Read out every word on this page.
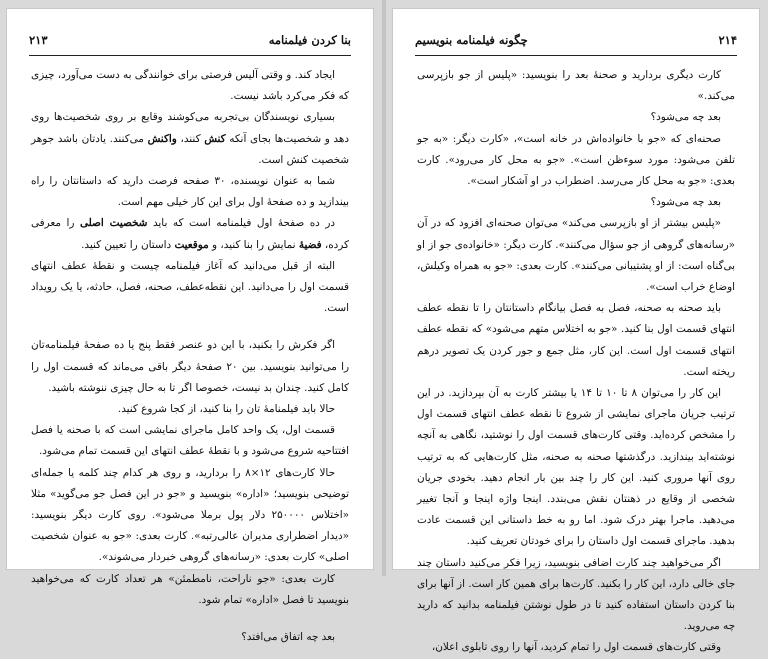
۲۱۳	بنا کردن فیلمنامه

ایجاد کند. و وقتی آلیس فرصتی برای خوانندگی به دست می‌آورد، چیزی که فکر می‌کرد باشد نیست.

بسیاری نویسندگان بی‌تجربه می‌کوشند وقایع بر روی شخصیت‌ها روی دهد و شخصیت‌ها بجای آنکه کنش کنند، واکنش می‌کنند. یادتان باشد جوهر شخصیت کنش است.

شما به عنوان نویسنده، ۳۰ صفحه فرصت دارید که داستانتان را راه بیندازید و ده صفحهٔ اول برای این کار خیلی مهم است.

در ده صفحهٔ اول فیلمنامه است که باید شخصیت اصلی را معرفی کرده، فضیهٔ نمایش را بنا کنید، و موقعیت داستان را تعیین کنید.

البته از قبل می‌دانید که آغاز فیلمنامه چیست و نقطهٔ عطف انتهای قسمت اول را می‌دانید. این نقطه‌عطف، صحنه، فصل، حادثه، یا یک رویداد است.

اگر فکرش را بکنید، با این دو عنصر فقط پنج یا ده صفحهٔ فیلمنامه‌تان را می‌توانید بنویسید. بین ۲۰ صفحهٔ دیگر باقی می‌ماند که قسمت اول را کامل کنید. چندان بد نیست، خصوصا اگر تا به حال چیزی ننوشته باشید.

حالا باید فیلمنامهٔ تان را بنا کنید، از کجا شروع کنید.

قسمت اول، یک واحد کامل ماجرای نمایشی است که با صحنه یا فصل افتتاحیه شروع می‌شود و با نقطهٔ عطف انتهای این قسمت تمام می‌شود.

حالا کارت‌های ۱۲×۸ را بردارید، و روی هر کدام چند کلمه یا جمله‌ای توضیحی بنویسید؛ «اداره» بنویسید و «جو در این فصل جو می‌گوید» مثلا «اختلاس ۲۵۰۰۰۰ دلار پول برملا می‌شود». روی کارت دیگر بنویسید: «دیدار اضطراری مدیران عالی‌رتبه». کارت بعدی: «جو به عنوان شخصیت اصلی» کارت بعدی: «رسانه‌های گروهی خبردار می‌شوند».

کارت بعدی: «جو ناراحت، نامطمئن» هر تعداد کارت که می‌خواهید بنویسید تا فصل «اداره» تمام شود.

بعد چه اتفاق می‌افتد؟

چگونه فیلمنامه بنویسیم	۲۱۴

کارت دیگری بردارید و صحنهٔ بعد را بنویسید: «پلیس از جو بازپرسی می‌کند.»

بعد چه می‌شود؟

صحنه‌ای که «جو با خانواده‌اش در خانه است»، «کارت دیگر: «به جو تلفن می‌شود: مورد سوءظن است». «جو به محل کار می‌رود». کارت بعدی: «جو به محل کار می‌رسد. اضطراب در او آشکار است».

بعد چه می‌شود؟

«پلیس بیشتر از او بازپرسی می‌کند» می‌توان صحنه‌ای افزود که در آن «رسانه‌های گروهی از جو سؤال می‌کنند». کارت دیگر: «خانواده‌ی جو از او بی‌گناه است: از او پشتیبانی می‌کنند». کارت بعدی: «جو به همراه وکیلش، اوضاع خراب است».

باید صحنه به صحنه، فصل به فصل بیانگام داستانتان را تا نقطه عطف انتهای قسمت اول بنا کنید. «جو به اختلاس متهم می‌شود» که نقطه عطف انتهای قسمت اول است. این کار، مثل جمع و جور کردن یک تصویر درهم ریخته است.

این کار را می‌توان ۸ تا ۱۰ تا ۱۴ یا بیشتر کارت به آن بپردازید. در این ترتیب جریان ماجرای نمایشی از شروع تا نقطه عطف انتهای قسمت اول را مشخص کرده‌اید. وقتی کارت‌های قسمت اول را نوشتید، نگاهی به آنچه نوشته‌اید بیندازید. درگذشتها صحنه به صحنه، مثل کارت‌هایی که به ترتیب روی آنها مروری کنید. این کار را چند بین بار انجام دهید. بخودی جریان شخصی از وقایع در ذهنتان نقش می‌بندد. اینجا واژه اینجا و آنجا تغییر می‌دهید. ماجرا بهتر درک شود. اما رو به خط داستانی این قسمت عادت بدهید. ماجرای قسمت اول داستان را برای خودتان تعریف کنید.

اگر می‌خواهید چند کارت اضافی بنویسید، زیرا فکر می‌کنید داستان چند جای خالی دارد، این کار را بکنید. کارت‌ها برای همین کار است. از آنها برای بنا کردن داستان استفاده کنید تا در طول نوشتن فیلمنامه بدانید که دارید چه می‌روید.

وقتی کارت‌های قسمت اول را تمام کردید، آنها را روی تابلوی اعلان،
